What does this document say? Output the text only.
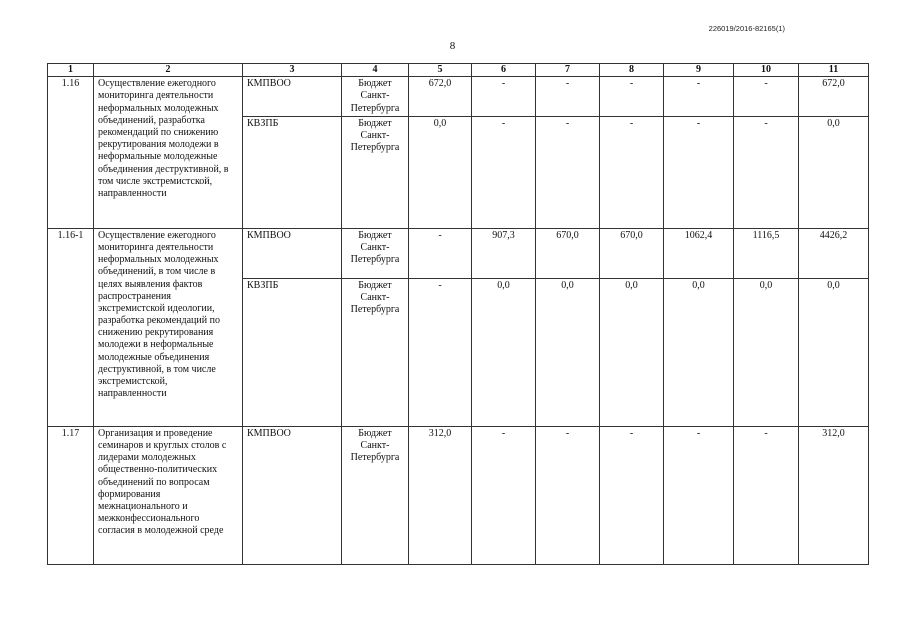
226019/2016-82165(1)
8
1	2	3	4	5	6	7	8	9	10	11
1.16	Осуществление ежегодного мониторинга деятельности неформальных молодежных объединений, разработка рекомендаций по снижению рекрутирования молодежи в неформальные молодежные объединения деструктивной, в том числе экстремистской, направленности	КМПВОО	Бюджет Санкт-Петербурга	672,0	-	-	-	-	-	672,0
		КВЗПБ	Бюджет Санкт-Петербурга	0,0	-	-	-	-	-	0,0
1.16-1	Осуществление ежегодного мониторинга деятельности неформальных молодежных объединений, в том числе в целях выявления фактов распространения экстремистской идеологии, разработка рекомендаций по снижению рекрутирования молодежи в неформальные молодежные объединения деструктивной, в том числе экстремистской, направленности	КМПВОО	Бюджет Санкт-Петербурга	-	907,3	670,0	670,0	1062,4	1116,5	4426,2
		КВЗПБ	Бюджет Санкт-Петербурга	-	0,0	0,0	0,0	0,0	0,0	0,0
1.17	Организация и проведение семинаров и круглых столов с лидерами молодежных общественно-политических объединений по вопросам формирования межнационального и межконфессионального согласия в молодежной среде	КМПВОО	Бюджет Санкт-Петербурга	312,0	-	-	-	-	-	312,0
